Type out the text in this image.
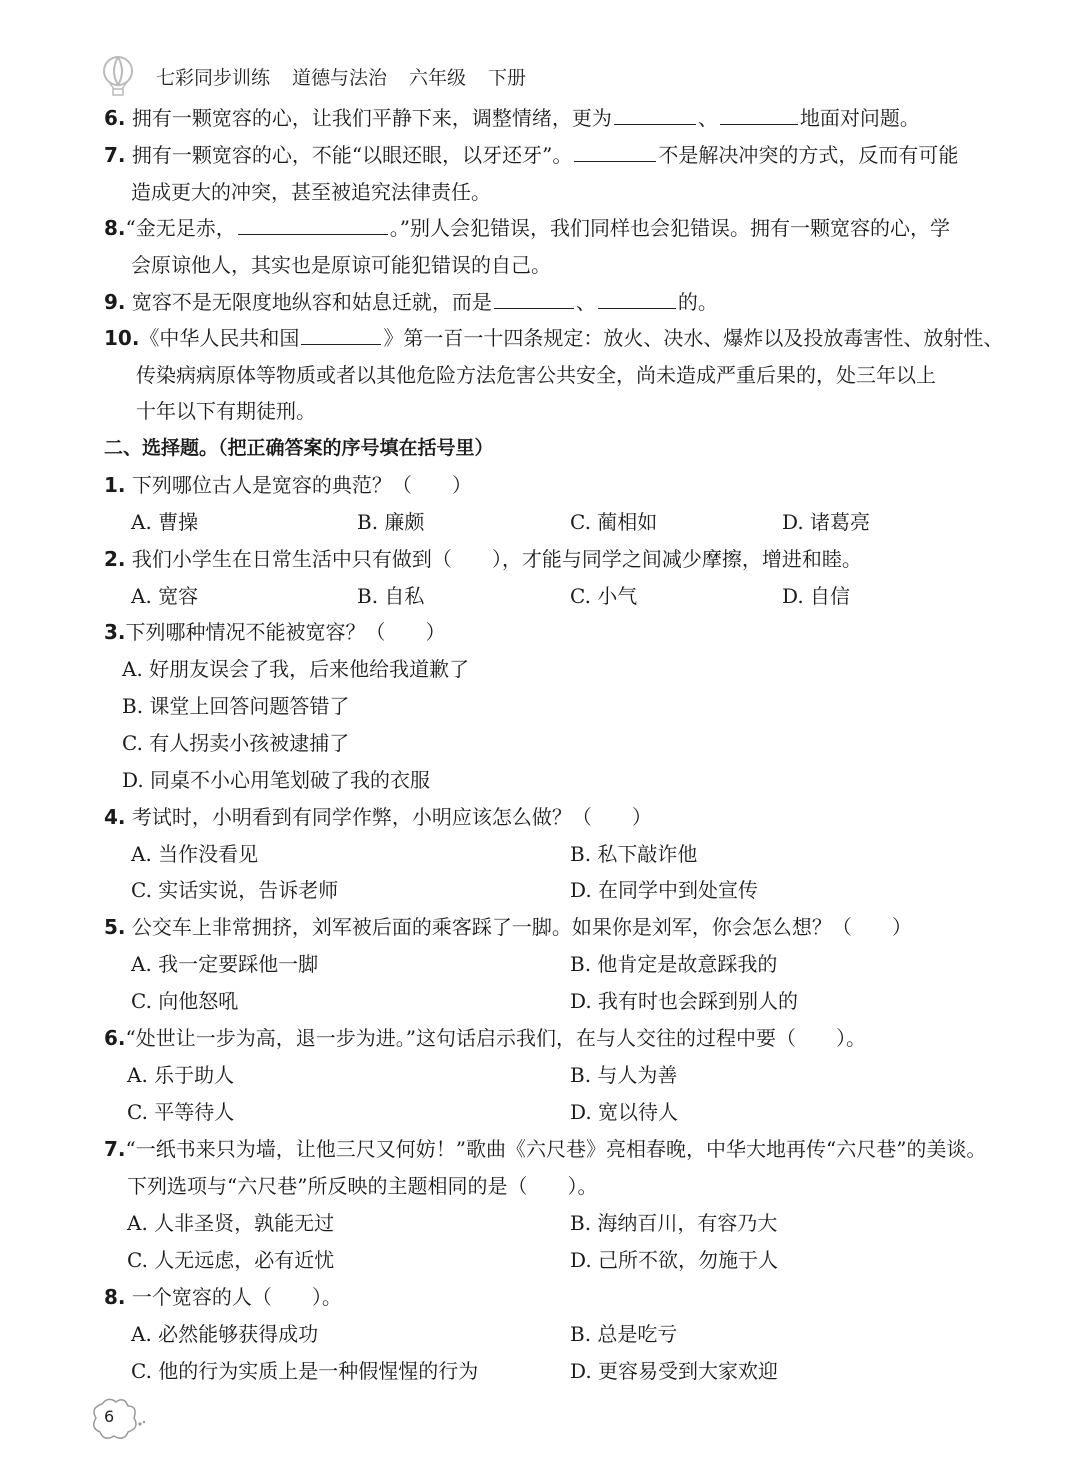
七彩同步训练 道德与法治 六年级 下册
6. 拥有一颗宽容的心，让我们平静下来，调整情绪，更为	、	地面对问题。
7. 拥有一颗宽容的心，不能“以眼还眼，以牙还牙”。	不是解决冲突的方式，反而有可能
造成更大的冲突，甚至被追究法律责任。
8.“金无足赤，	。”别人会犯错误，我们同样也会犯错误。拥有一颗宽容的心，学
会原谅他人，其实也是原谅可能犯错误的自己。
9. 宽容不是无限度地纵容和姑息迁就，而是	、	的。
10.《中华人民共和国	》第一百一十四条规定：放火、决水、爆炸以及投放毒害性、放射性、
传染病病原体等物质或者以其他危险方法危害公共安全，尚未造成严重后果的，处三年以上
十年以下有期徒刑。
二、选择题。（把正确答案的序号填在括号里）
1. 下列哪位古人是宽容的典范？（　　）
A. 曹操	B. 廉颇	C. 蔺相如	D. 诸葛亮
2. 我们小学生在日常生活中只有做到（　　），才能与同学之间减少摩擦，增进和睦。
A. 宽容	B. 自私	C. 小气	D. 自信
3.下列哪种情况不能被宽容？（　　）
A. 好朋友误会了我，后来他给我道歉了
B. 课堂上回答问题答错了
C. 有人拐卖小孩被逮捕了
D. 同桌不小心用笔划破了我的衣服
4. 考试时，小明看到有同学作弊，小明应该怎么做？（　　）
A. 当作没看见	B. 私下敲诈他
C. 实话实说，告诉老师	D. 在同学中到处宣传
5. 公交车上非常拥挤，刘军被后面的乘客踩了一脚。如果你是刘军，你会怎么想？（　　）
A. 我一定要踩他一脚	B. 他肯定是故意踩我的
C. 向他怒吼	D. 我有时也会踩到别人的
6.“处世让一步为高，退一步为进。”这句话启示我们，在与人交往的过程中要（　　）。
A. 乐于助人	B. 与人为善
C. 平等待人	D. 宽以待人
7.“一纸书来只为墙，让他三尺又何妨！”歌曲《六尺巷》亮相春晚，中华大地再传“六尺巷”的美谈。
下列选项与“六尺巷”所反映的主题相同的是（　　）。
A. 人非圣贤，孰能无过	B. 海纳百川，有容乃大
C. 人无远虑，必有近忧	D. 己所不欲，勿施于人
8. 一个宽容的人（　　）。
A. 必然能够获得成功	B. 总是吃亏
C. 他的行为实质上是一种假惺惺的行为	D. 更容易受到大家欢迎
6
